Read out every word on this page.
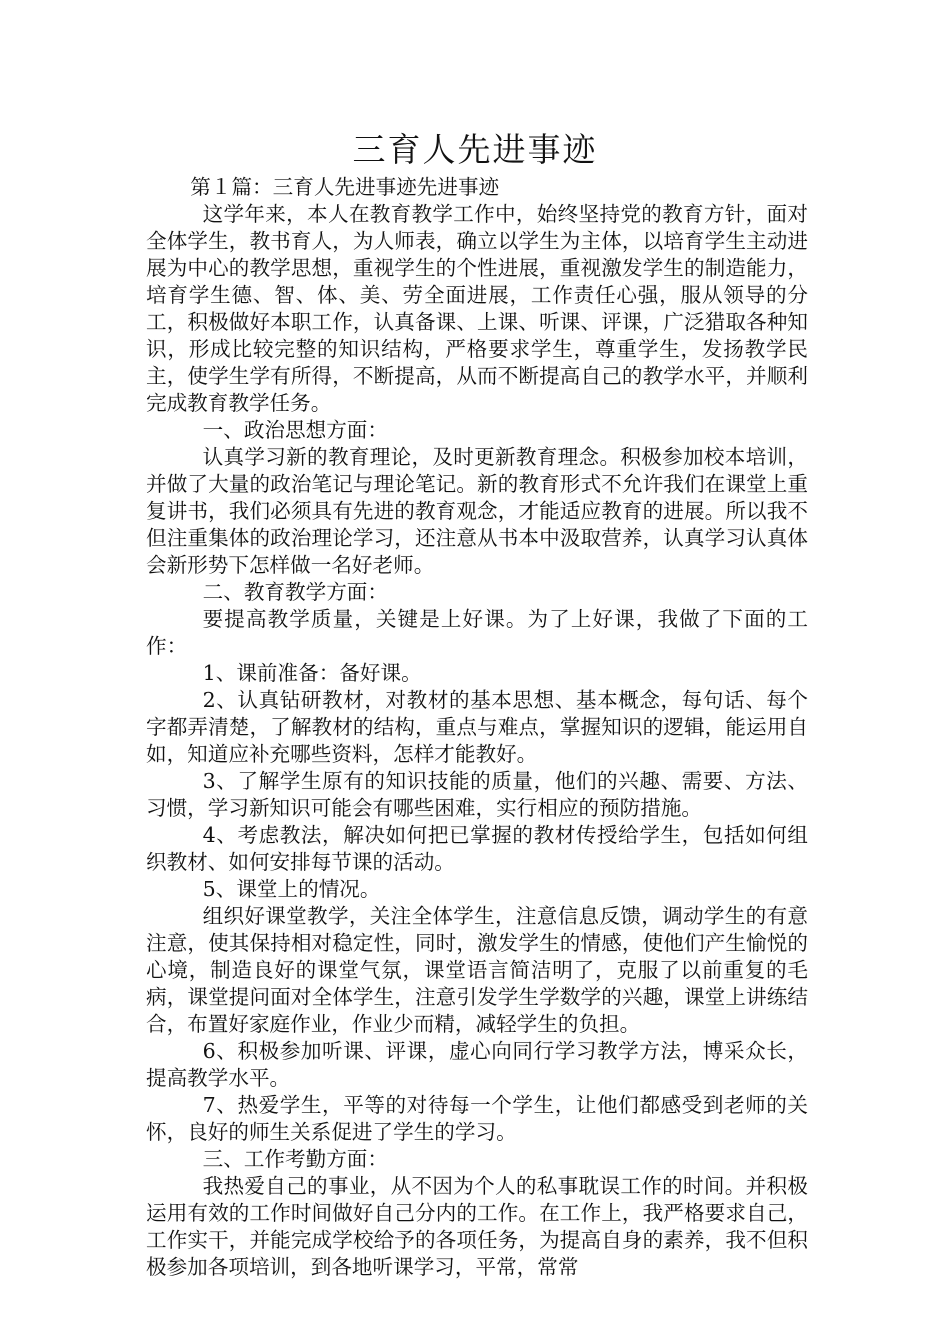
三育人先进事迹

第１篇：三育人先进事迹先进事迹

这学年来，本人在教育教学工作中，始终坚持党的教育方针，面对全体学生，教书育人，为人师表，确立以学生为主体，以培育学生主动进展为中心的教学思想，重视学生的个性进展，重视激发学生的制造能力，培育学生德、智、体、美、劳全面进展，工作责任心强，服从领导的分工，积极做好本职工作，认真备课、上课、听课、评课，广泛猎取各种知识，形成比较完整的知识结构，严格要求学生，尊重学生，发扬教学民主，使学生学有所得，不断提高，从而不断提高自己的教学水平，并顺利完成教育教学任务。

一、政治思想方面：

认真学习新的教育理论，及时更新教育理念。积极参加校本培训，并做了大量的政治笔记与理论笔记。新的教育形式不允许我们在课堂上重复讲书，我们必须具有先进的教育观念，才能适应教育的进展。所以我不但注重集体的政治理论学习，还注意从书本中汲取营养，认真学习认真体会新形势下怎样做一名好老师。

二、教育教学方面：

要提高教学质量，关键是上好课。为了上好课，我做了下面的工作：

1、课前准备：备好课。

2、认真钻研教材，对教材的基本思想、基本概念，每句话、每个字都弄清楚，了解教材的结构，重点与难点，掌握知识的逻辑，能运用自如，知道应补充哪些资料，怎样才能教好。

3、了解学生原有的知识技能的质量，他们的兴趣、需要、方法、习惯，学习新知识可能会有哪些困难，实行相应的预防措施。

4、考虑教法，解决如何把已掌握的教材传授给学生，包括如何组织教材、如何安排每节课的活动。

5、课堂上的情况。

组织好课堂教学，关注全体学生，注意信息反馈，调动学生的有意注意，使其保持相对稳定性，同时，激发学生的情感，使他们产生愉悦的心境，制造良好的课堂气氛，课堂语言简洁明了，克服了以前重复的毛病，课堂提问面对全体学生，注意引发学生学数学的兴趣，课堂上讲练结合，布置好家庭作业，作业少而精，减轻学生的负担。

6、积极参加听课、评课，虚心向同行学习教学方法，博采众长，提高教学水平。

7、热爱学生，平等的对待每一个学生，让他们都感受到老师的关怀，良好的师生关系促进了学生的学习。

三、工作考勤方面：

我热爱自己的事业，从不因为个人的私事耽误工作的时间。并积极运用有效的工作时间做好自己分内的工作。在工作上，我严格要求自己，工作实干，并能完成学校给予的各项任务，为提高自身的素养，我不但积极参加各项培训，到各地听课学习，平常，常常
